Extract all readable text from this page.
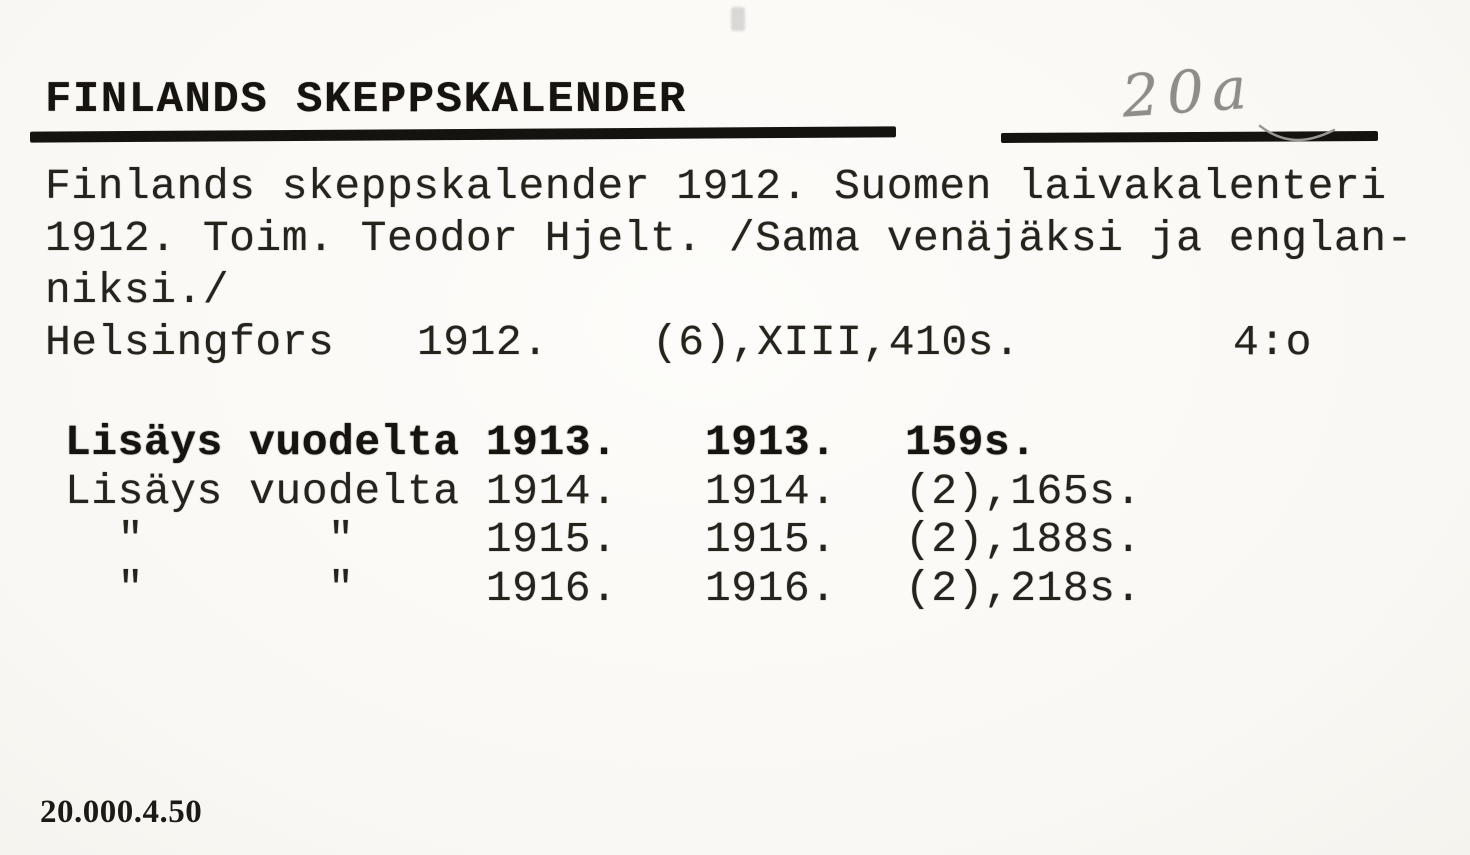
FINLANDS SKEPPSKALENDER	20a
Finlands skeppskalender 1912. Suomen laivakalenteri
1912. Toim. Teodor Hjelt. /Sama venäjäksi ja englan-
niksi./

Helsingfors

1912.

(6),XIII,410s.

	4:o

Lisäys vuodelta 1913. 1913. 159s.
Lisäys vuodelta 1914. 1914. (2),165s.
"       "     1915. 1915. (2),188s.
"       "     1916. 1916. (2),218s.
20.000.4.50
